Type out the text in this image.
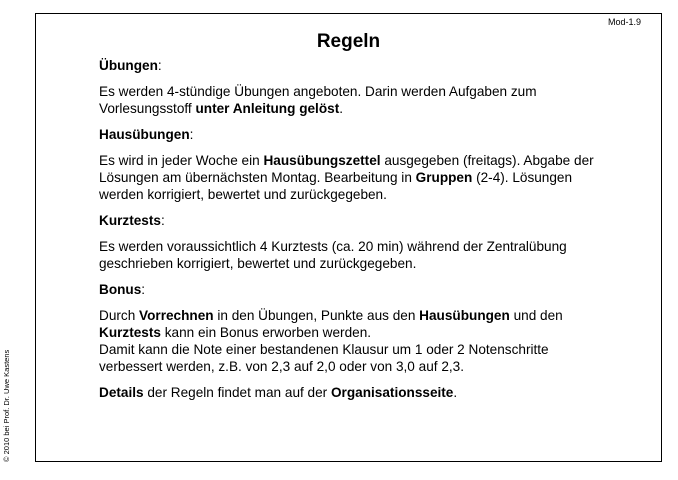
Mod-1.9
Regeln

Übungen:

Es werden 4-stündige Übungen angeboten. Darin werden Aufgaben zum Vorlesungsstoff unter Anleitung gelöst.

Hausübungen:

Es wird in jeder Woche ein Hausübungszettel ausgegeben (freitags). Abgabe der Lösungen am übernächsten Montag. Bearbeitung in Gruppen (2-4). Lösungen werden korrigiert, bewertet und zurückgegeben.

Kurztests:

Es werden voraussichtlich 4 Kurztests (ca. 20 min) während der Zentralübung geschrieben korrigiert, bewertet und zurückgegeben.

Bonus:

Durch Vorrechnen in den Übungen, Punkte aus den Hausübungen und den Kurztests kann ein Bonus erworben werden.
Damit kann die Note einer bestandenen Klausur um 1 oder 2 Notenschritte verbessert werden, z.B. von 2,3 auf 2,0 oder von 3,0 auf 2,3.

Details der Regeln findet man auf der Organisationsseite.

© 2010 bei Prof. Dr. Uwe Kastens
